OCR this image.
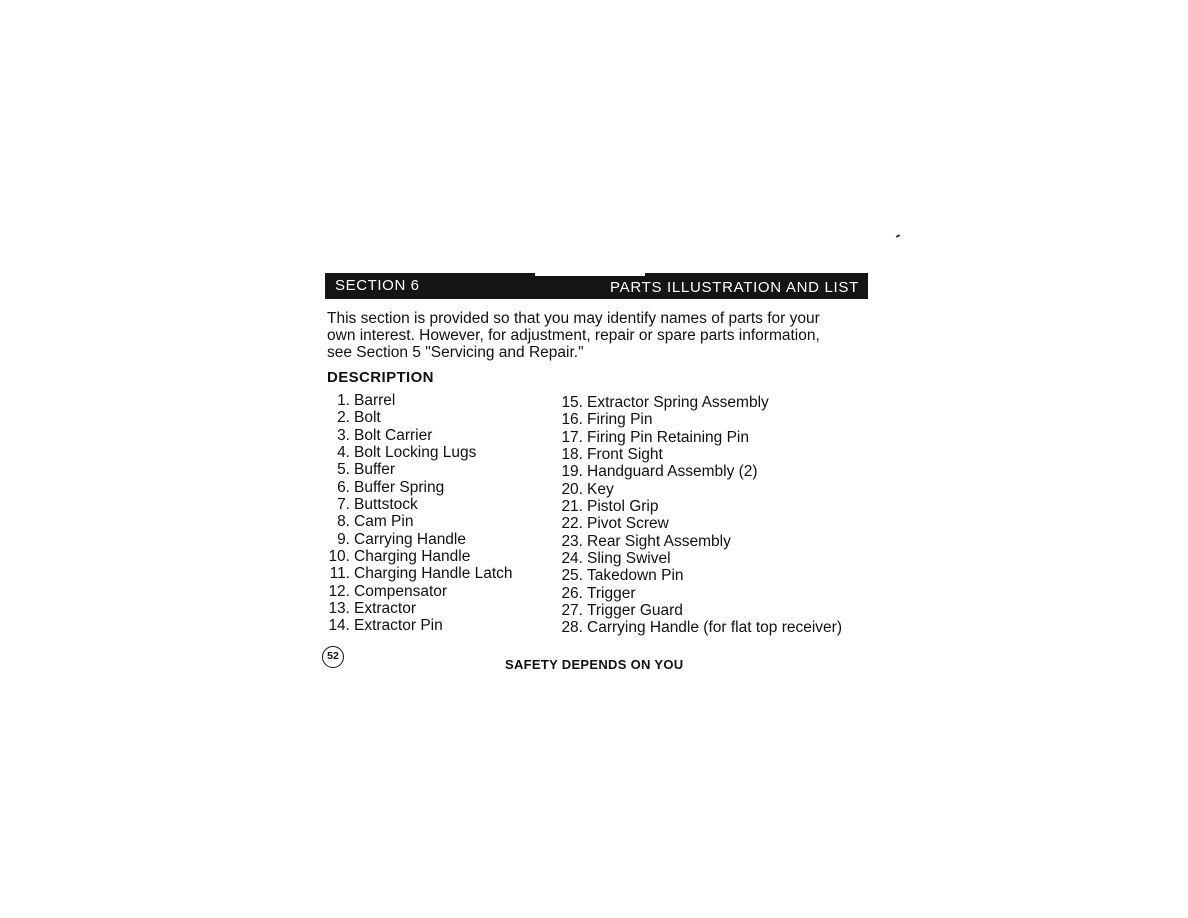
SECTION 6	PARTS ILLUSTRATION AND LIST

This section is provided so that you may identify names of parts for your
own interest. However, for adjustment, repair or spare parts information,
see Section 5 "Servicing and Repair."

DESCRIPTION
1. Barrel
2. Bolt
3. Bolt Carrier
4. Bolt Locking Lugs
5. Buffer
6. Buffer Spring
7. Buttstock
8. Cam Pin
9. Carrying Handle
10. Charging Handle
11. Charging Handle Latch
12. Compensator
13. Extractor
14. Extractor Pin
15. Extractor Spring Assembly
16. Firing Pin
17. Firing Pin Retaining Pin
18. Front Sight
19. Handguard Assembly (2)
20. Key
21. Pistol Grip
22. Pivot Screw
23. Rear Sight Assembly
24. Sling Swivel
25. Takedown Pin
26. Trigger
27. Trigger Guard
28. Carrying Handle (for flat top receiver)
52
SAFETY DEPENDS ON YOU
